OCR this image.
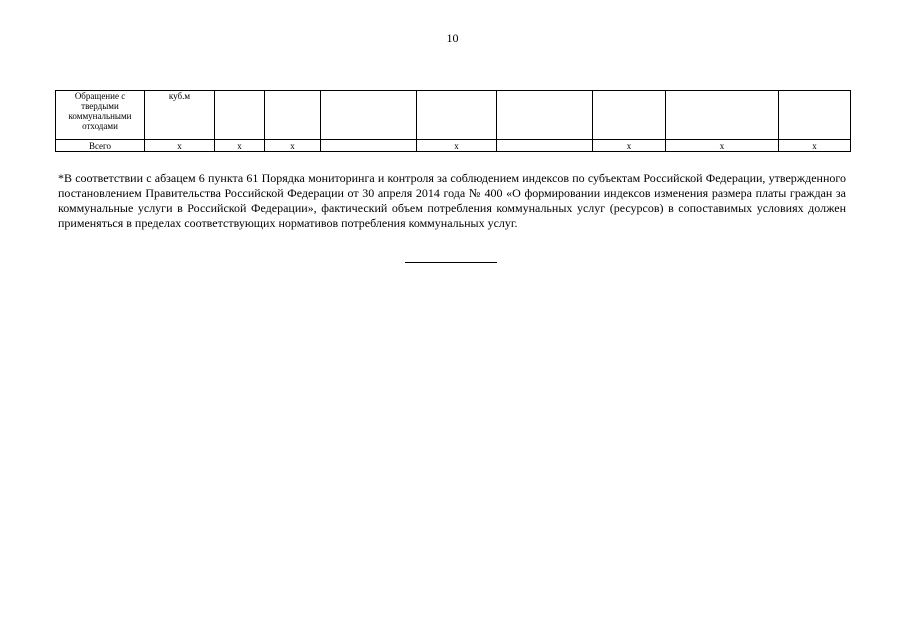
10
Обращение с твердыми коммунальными отходами	куб.м								
Всего	х	х	х		х		х	х	х
*В соответствии с абзацем 6 пункта 61 Порядка мониторинга и контроля за соблюдением индексов по субъектам Российской Федерации, утвержденного постановлением Правительства Российской Федерации от 30 апреля 2014 года № 400 «О формировании индексов изменения размера платы граждан за коммунальные услуги в Российской Федерации», фактический объем потребления коммунальных услуг (ресурсов) в сопоставимых условиях должен применяться в пределах соответствующих нормативов потребления коммунальных услуг.
